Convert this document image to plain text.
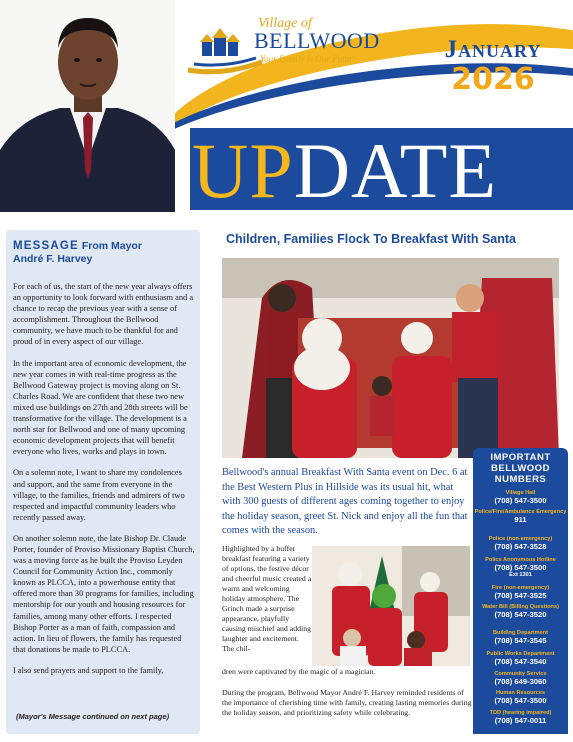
UPDATE
Village of
BELLWOOD
Your Family Is Our Future	January
2026
MESSAGE From Mayor
André F. Harvey

For each of us, the start of the new year always offers an opportunity to look forward with enthusiasm and a chance to recap the previous year with a sense of accomplishment. Throughout the Bellwood community, we have much to be thankful for and proud of in every aspect of our village.

In the important area of economic development, the new year comes in with real-time progress as the Bellwood Gateway project is moving along on St. Charles Road. We are confident that these two new mixed use buildings on 27th and 28th streets will be transformative for the village. The development is a north star for Bellwood and one of many upcoming economic development projects that will benefit everyone who lives, works and plays in town.

On a solemn note, I want to share my condolences and support, and the same from everyone in the village, to the families, friends and admirers of two respected and impactful community leaders who recently passed away.

On another solemn note, the late Bishop Dr. Claude Porter, founder of Proviso Missionary Baptist Church, was a moving force as he built the Proviso Leyden Council for Community Action Inc., commonly known as PLCCA, into a powerhouse entity that offered more than 30 programs for families, including mentorship for our youth and housing resources for families, among many other efforts. I respected Bishop Porter as a man of faith, compassion and action. In lieu of flowers, the family has requested that donations be made to PLCCA.

I also send prayers and support to the family,

(Mayor's Message continued on next page)
Children, Families Flock To Breakfast With Santa
Bellwood's annual Breakfast With Santa event on Dec. 6 at the Best Western Plus in Hillside was its usual hit, what with 300 guests of different ages coming together to enjoy the holiday season, greet St. Nick and enjoy all the fun that comes with the season.
Highlighted by a buffet breakfast featuring a variety of options, the festive décor and cheerful music created a warm and welcoming holiday atmosphere. The Grinch made a surprise appearance, playfully causing mischief and adding laughter and excitement. The chil-
dren were captivated by the magic of a magician.
During the program, Bellwood Mayor André F. Harvey reminded residents of the importance of cherishing time with family, creating lasting memories during the holiday season, and prioritizing safety while celebrating.
IMPORTANT
BELLWOOD
NUMBERS
Village Hall
(708) 547-3500
Police/Fire/Ambulance Emergency
911
Police (non-emergency)
(708) 547-3528
Police Anonymous Hotline
(708) 547-3500
Ext 1301
Fire (non-emergency)
(708) 547-3525
Water Bill (Billing Questions)
(708) 547-3520
Building Department
(708) 547-3545
Public Works Department
(708) 547-3540
Community Service
(708) 649-3060
Human Resources
(708) 547-3500
TDD (hearing impaired)
(708) 547-0011
